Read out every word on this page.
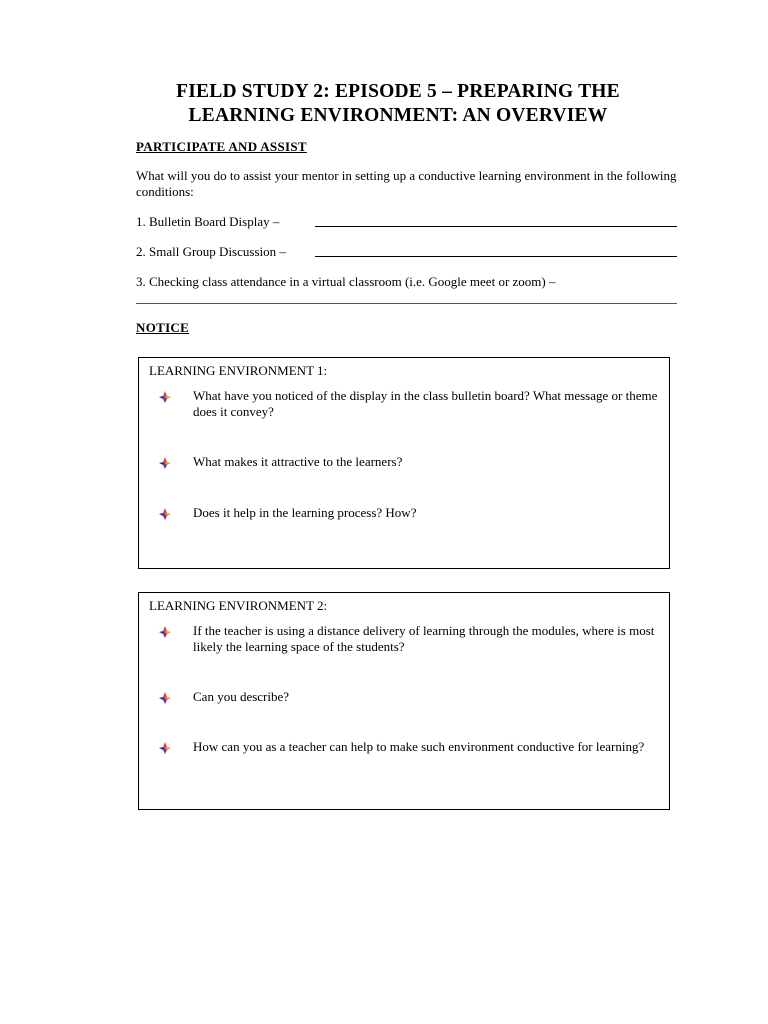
FIELD STUDY 2: EPISODE 5 – PREPARING THE
LEARNING ENVIRONMENT: AN OVERVIEW
PARTICIPATE AND ASSIST
What will you do to assist your mentor in setting up a conductive learning environment in the following conditions:
1. Bulletin Board Display –
2. Small Group Discussion –
3. Checking class attendance in a virtual classroom (i.e. Google meet or zoom) –
NOTICE
LEARNING ENVIRONMENT 1:
What have you noticed of the display in the class bulletin board? What message or theme does it convey?
What makes it attractive to the learners?
Does it help in the learning process? How?
LEARNING ENVIRONMENT 2:
If the teacher is using a distance delivery of learning through the modules, where is most likely the learning space of the students?
Can you describe?
How can you as a teacher can help to make such environment conductive for learning?
